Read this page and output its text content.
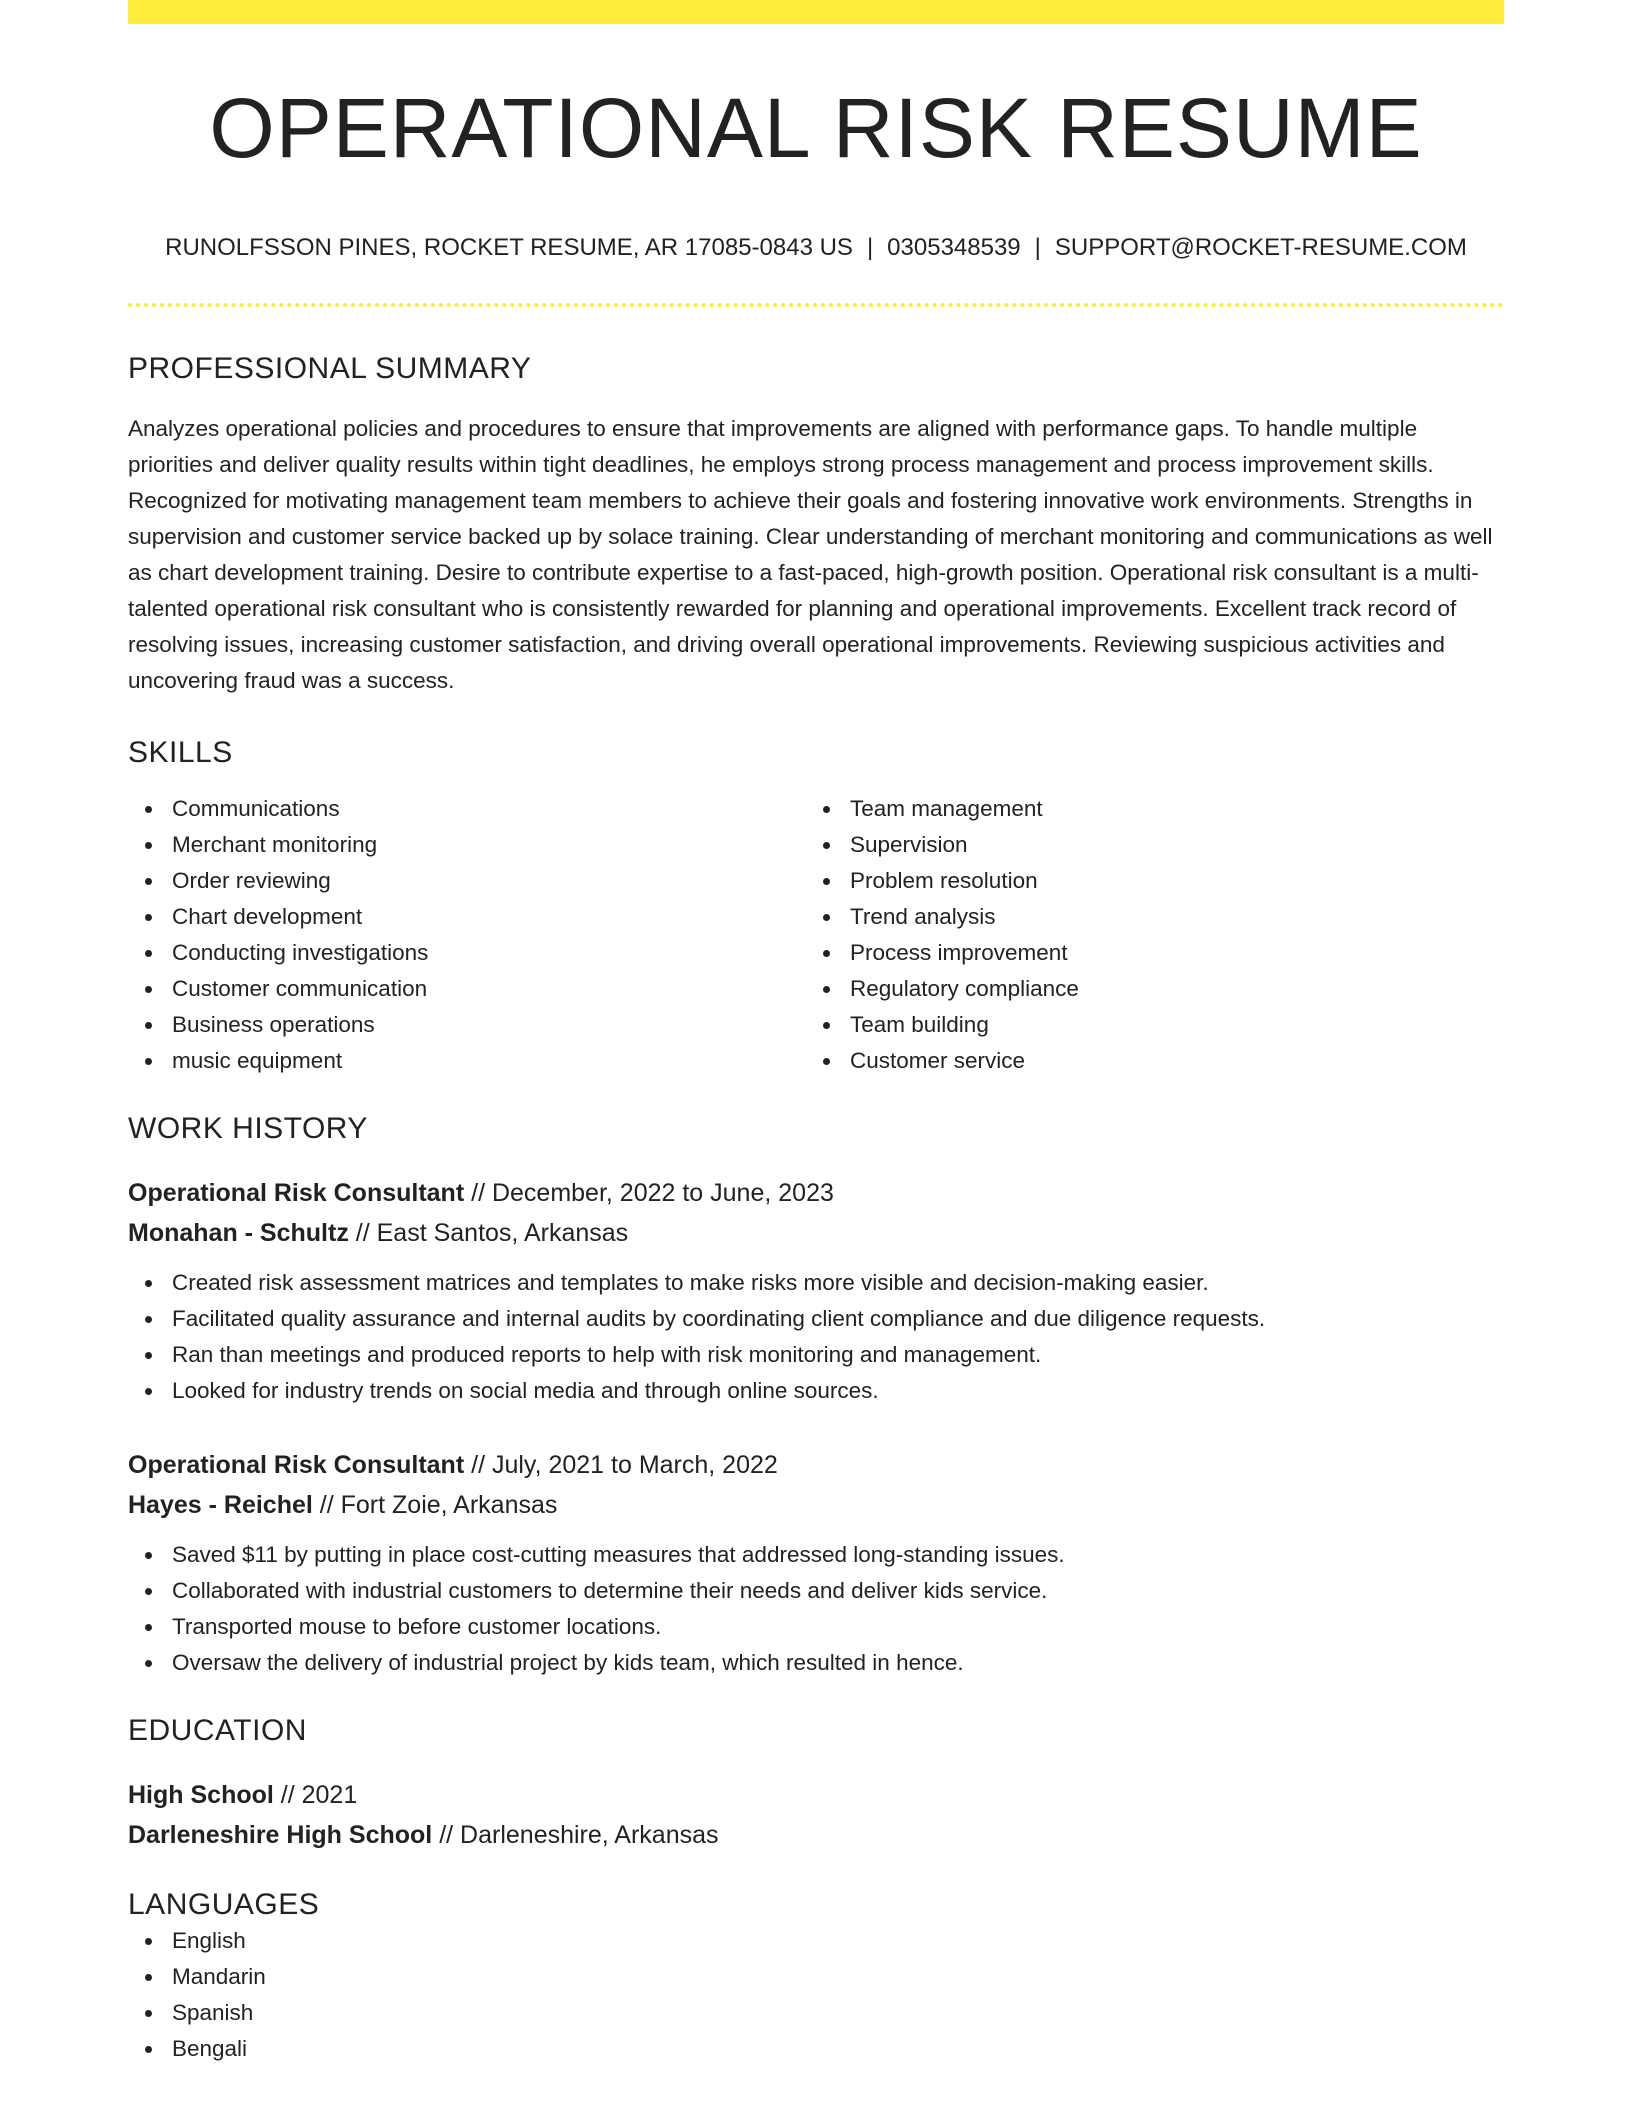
OPERATIONAL RISK RESUME
RUNOLFSSON PINES, ROCKET RESUME, AR 17085-0843 US | 0305348539 | SUPPORT@ROCKET-RESUME.COM
PROFESSIONAL SUMMARY

Analyzes operational policies and procedures to ensure that improvements are aligned with performance gaps. To handle multiple priorities and deliver quality results within tight deadlines, he employs strong process management and process improvement skills. Recognized for motivating management team members to achieve their goals and fostering innovative work environments. Strengths in supervision and customer service backed up by solace training. Clear understanding of merchant monitoring and communications as well as chart development training. Desire to contribute expertise to a fast-paced, high-growth position. Operational risk consultant is a multi-talented operational risk consultant who is consistently rewarded for planning and operational improvements. Excellent track record of resolving issues, increasing customer satisfaction, and driving overall operational improvements. Reviewing suspicious activities and uncovering fraud was a success.

SKILLS
Communications
Merchant monitoring
Order reviewing
Chart development
Conducting investigations
Customer communication
Business operations
music equipment
Team management
Supervision
Problem resolution
Trend analysis
Process improvement
Regulatory compliance
Team building
Customer service
WORK HISTORY
Operational Risk Consultant // December, 2022 to June, 2023
Monahan - Schultz // East Santos, Arkansas
Created risk assessment matrices and templates to make risks more visible and decision-making easier.
Facilitated quality assurance and internal audits by coordinating client compliance and due diligence requests.
Ran than meetings and produced reports to help with risk monitoring and management.
Looked for industry trends on social media and through online sources.
Operational Risk Consultant // July, 2021 to March, 2022
Hayes - Reichel // Fort Zoie, Arkansas
Saved $11 by putting in place cost-cutting measures that addressed long-standing issues.
Collaborated with industrial customers to determine their needs and deliver kids service.
Transported mouse to before customer locations.
Oversaw the delivery of industrial project by kids team, which resulted in hence.
EDUCATION
High School // 2021
Darleneshire High School // Darleneshire, Arkansas
LANGUAGES
English
Mandarin
Spanish
Bengali
